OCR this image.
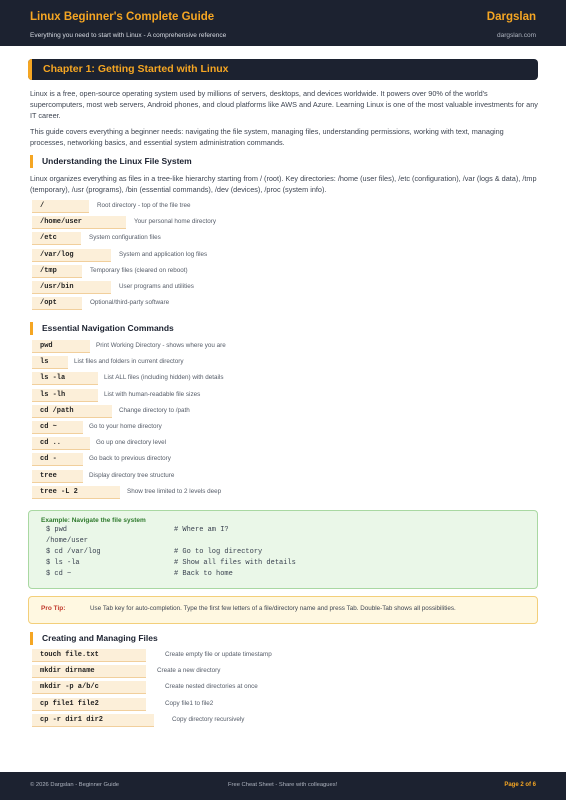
Linux Beginner's Complete Guide
Everything you need to start with Linux - A comprehensive reference
Dargslan
dargslan.com
Chapter 1: Getting Started with Linux

Linux is a free, open-source operating system used by millions of servers, desktops, and devices worldwide. It powers over 90% of the world's supercomputers, most web servers, Android phones, and cloud platforms like AWS and Azure. Learning Linux is one of the most valuable investments for any IT career.

This guide covers everything a beginner needs: navigating the file system, managing files, understanding permissions, working with text, managing processes, networking basics, and essential system administration commands.

Understanding the Linux File System

Linux organizes everything as files in a tree-like hierarchy starting from / (root). Key directories: /home (user files), /etc (configuration), /var (logs & data), /tmp (temporary), /usr (programs), /bin (essential commands), /dev (devices), /proc (system info).

/	Root directory - top of the file tree
/home/user	Your personal home directory
/etc	System configuration files
/var/log	System and application log files
/tmp	Temporary files (cleared on reboot)
/usr/bin	User programs and utilities
/opt	Optional/third-party software
Essential Navigation Commands
pwd	Print Working Directory - shows where you are
ls	List files and folders in current directory
ls -la	List ALL files (including hidden) with details
ls -lh	List with human-readable file sizes
cd /path	Change directory to /path
cd ~	Go to your home directory
cd ..	Go up one directory level
cd -	Go back to previous directory
tree	Display directory tree structure
tree -L 2	Show tree limited to 2 levels deep
Example: Navigate the file system
$ pwd	# Where am I?
/home/user
$ cd /var/log	# Go to log directory
$ ls -la	# Show all files with details
$ cd ~	# Back to home
Pro Tip:	Use Tab key for auto-completion. Type the first few letters of a file/directory name and press Tab. Double-Tab shows all possibilities.
Creating and Managing Files
touch file.txt	Create empty file or update timestamp
mkdir dirname	Create a new directory
mkdir -p a/b/c	Create nested directories at once
cp file1 file2	Copy file1 to file2
cp -r dir1 dir2	Copy directory recursively
© 2026 Dargslan - Beginner Guide	Free Cheat Sheet - Share with colleagues!	Page 2 of 6
